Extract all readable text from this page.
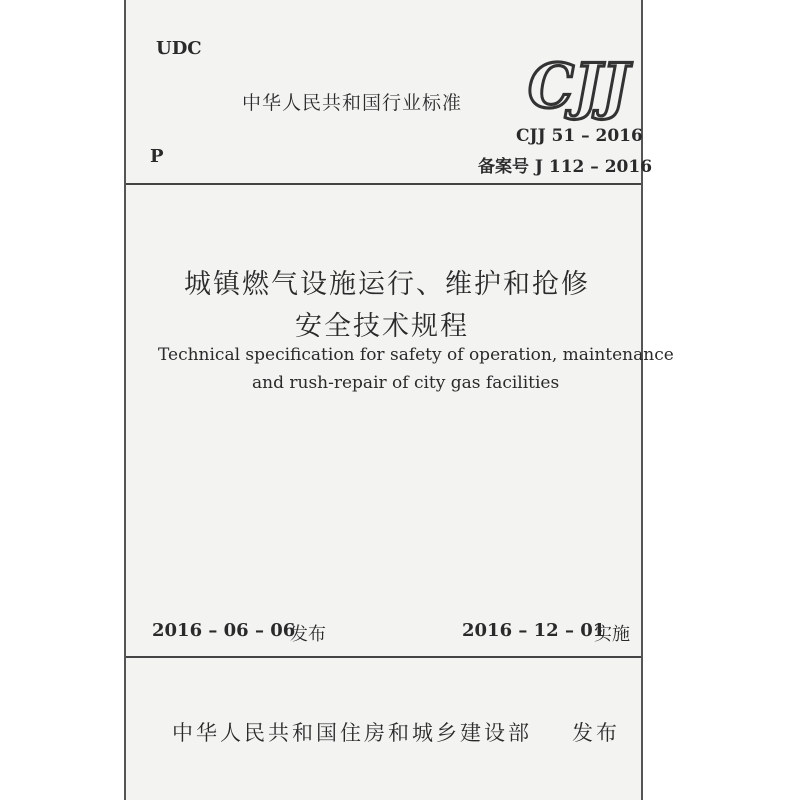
UDC
中华人民共和国行业标准 CJJ
P
CJJ 51 – 2016
备案号 J 112 – 2016
城镇燃气设施运行、维护和抢修
安全技术规程
Technical specification for safety of operation, maintenance
and rush-repair of city gas facilities
2016 – 06 – 06
发布	2016 – 12 – 01
实施
中华人民共和国住房和城乡建设部 发布
